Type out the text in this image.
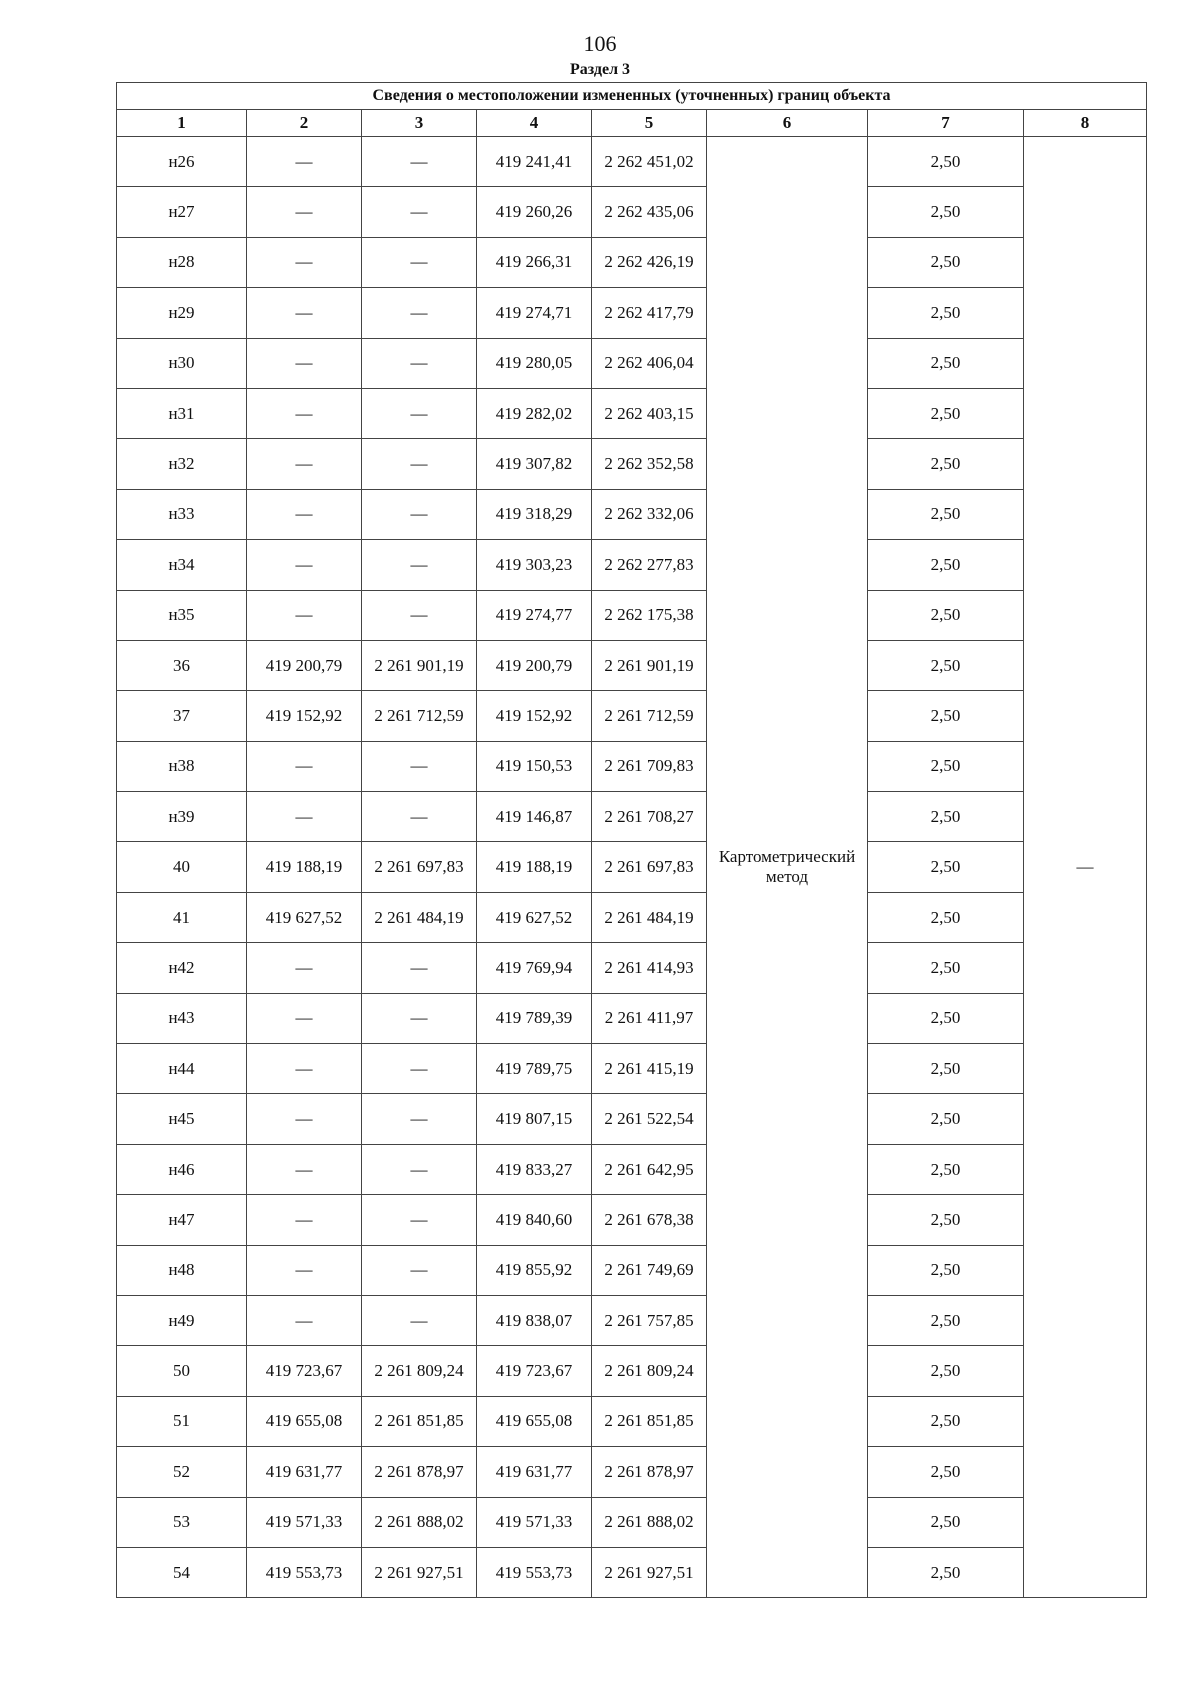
106
Раздел 3
Сведения о местоположении измененных (уточненных) границ объекта							
1	2	3	4	5	6	7	8
н26	—	—	419 241,41	2 262 451,02	Картометрический метод	2,50	—
н27	—	—	419 260,26	2 262 435,06		2,50	
н28	—	—	419 266,31	2 262 426,19		2,50	
н29	—	—	419 274,71	2 262 417,79		2,50	
н30	—	—	419 280,05	2 262 406,04		2,50	
н31	—	—	419 282,02	2 262 403,15		2,50	
н32	—	—	419 307,82	2 262 352,58		2,50	
н33	—	—	419 318,29	2 262 332,06		2,50	
н34	—	—	419 303,23	2 262 277,83		2,50	
н35	—	—	419 274,77	2 262 175,38		2,50	
36	419 200,79	2 261 901,19	419 200,79	2 261 901,19		2,50	
37	419 152,92	2 261 712,59	419 152,92	2 261 712,59		2,50	
н38	—	—	419 150,53	2 261 709,83		2,50	
н39	—	—	419 146,87	2 261 708,27		2,50	
40	419 188,19	2 261 697,83	419 188,19	2 261 697,83		2,50	
41	419 627,52	2 261 484,19	419 627,52	2 261 484,19		2,50	
н42	—	—	419 769,94	2 261 414,93		2,50	
н43	—	—	419 789,39	2 261 411,97		2,50	
н44	—	—	419 789,75	2 261 415,19		2,50	
н45	—	—	419 807,15	2 261 522,54		2,50	
н46	—	—	419 833,27	2 261 642,95		2,50	
н47	—	—	419 840,60	2 261 678,38		2,50	
н48	—	—	419 855,92	2 261 749,69		2,50	
н49	—	—	419 838,07	2 261 757,85		2,50	
50	419 723,67	2 261 809,24	419 723,67	2 261 809,24		2,50	
51	419 655,08	2 261 851,85	419 655,08	2 261 851,85		2,50	
52	419 631,77	2 261 878,97	419 631,77	2 261 878,97		2,50	
53	419 571,33	2 261 888,02	419 571,33	2 261 888,02		2,50	
54	419 553,73	2 261 927,51	419 553,73	2 261 927,51		2,50	
